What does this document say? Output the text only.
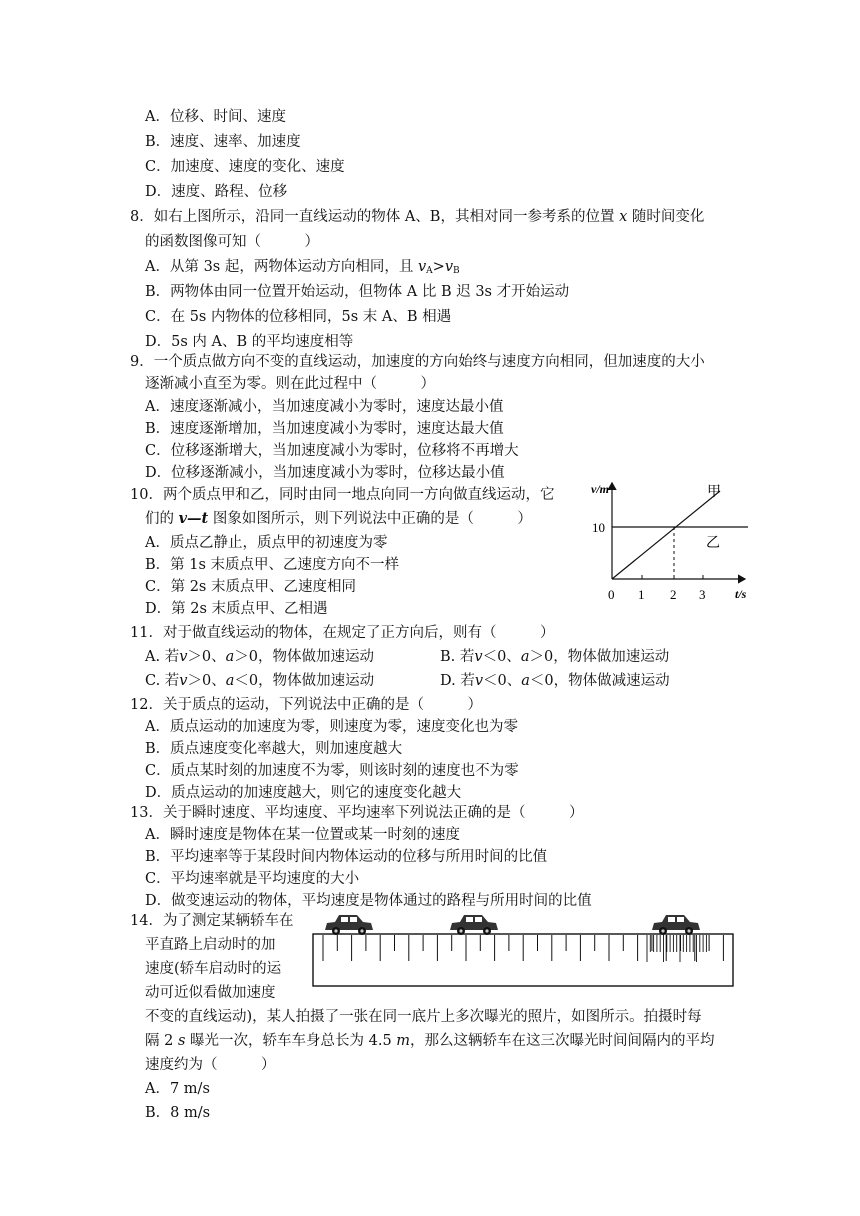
A．位移、时间、速度
B．速度、速率、加速度
C．加速度、速度的变化、速度
D．速度、路程、位移
8．如右上图所示，沿同一直线运动的物体 A、B，其相对同一参考系的位置 x 随时间变化
的函数图像可知（　　　）
A．从第 3s 起，两物体运动方向相同，且 $v_A>v_B$
B．两物体由同一位置开始运动，但物体 A 比 B 迟 3s 才开始运动
C．在 5s 内物体的位移相同，5s 末 A、B 相遇
D．5s 内 A、B 的平均速度相等
9．一个质点做方向不变的直线运动，加速度的方向始终与速度方向相同，但加速度的大小
逐渐减小直至为零。则在此过程中（　　　）
A．速度逐渐减小，当加速度减小为零时，速度达最小值
B．速度逐渐增加，当加速度减小为零时，速度达最大值
C．位移逐渐增大，当加速度减小为零时，位移将不再增大
D．位移逐渐减小，当加速度减小为零时，位移达最小值
10．两个质点甲和乙，同时由同一地点向同一方向做直线运动，它
们的 v—t 图象如图所示，则下列说法中正确的是（　　　）
A．质点乙静止，质点甲的初速度为零
B．第 1s 末质点甲、乙速度方向不一样
C．第 2s 末质点甲、乙速度相同
D．第 2s 末质点甲、乙相遇
v/m
t/s
10
0 1 2 3
甲
乙
11．对于做直线运动的物体，在规定了正方向后，则有（　　　）
A. 若v＞0、a＞0，物体做加速运动	B. 若v＜0、a＞0，物体做加速运动
C. 若v＞0、a＜0，物体做加速运动	D. 若v＜0、a＜0，物体做减速运动
12．关于质点的运动，下列说法中正确的是（　　　）
A．质点运动的加速度为零，则速度为零，速度变化也为零
B．质点速度变化率越大，则加速度越大
C．质点某时刻的加速度不为零，则该时刻的速度也不为零
D．质点运动的加速度越大，则它的速度变化越大
13．关于瞬时速度、平均速度、平均速率下列说法正确的是（　　　）
A．瞬时速度是物体在某一位置或某一时刻的速度
B．平均速率等于某段时间内物体运动的位移与所用时间的比值
C．平均速率就是平均速度的大小
D．做变速运动的物体，平均速度是物体通过的路程与所用时间的比值
14．为了测定某辆轿车在
平直路上启动时的加
速度(轿车启动时的运
动可近似看做加速度
不变的直线运动)，某人拍摄了一张在同一底片上多次曝光的照片，如图所示。拍摄时每
隔 2 s 曝光一次，轿车车身总长为 4.5 m，那么这辆轿车在这三次曝光时间间隔内的平均
速度约为（　　　）
A．7 m/s
B．8 m/s
